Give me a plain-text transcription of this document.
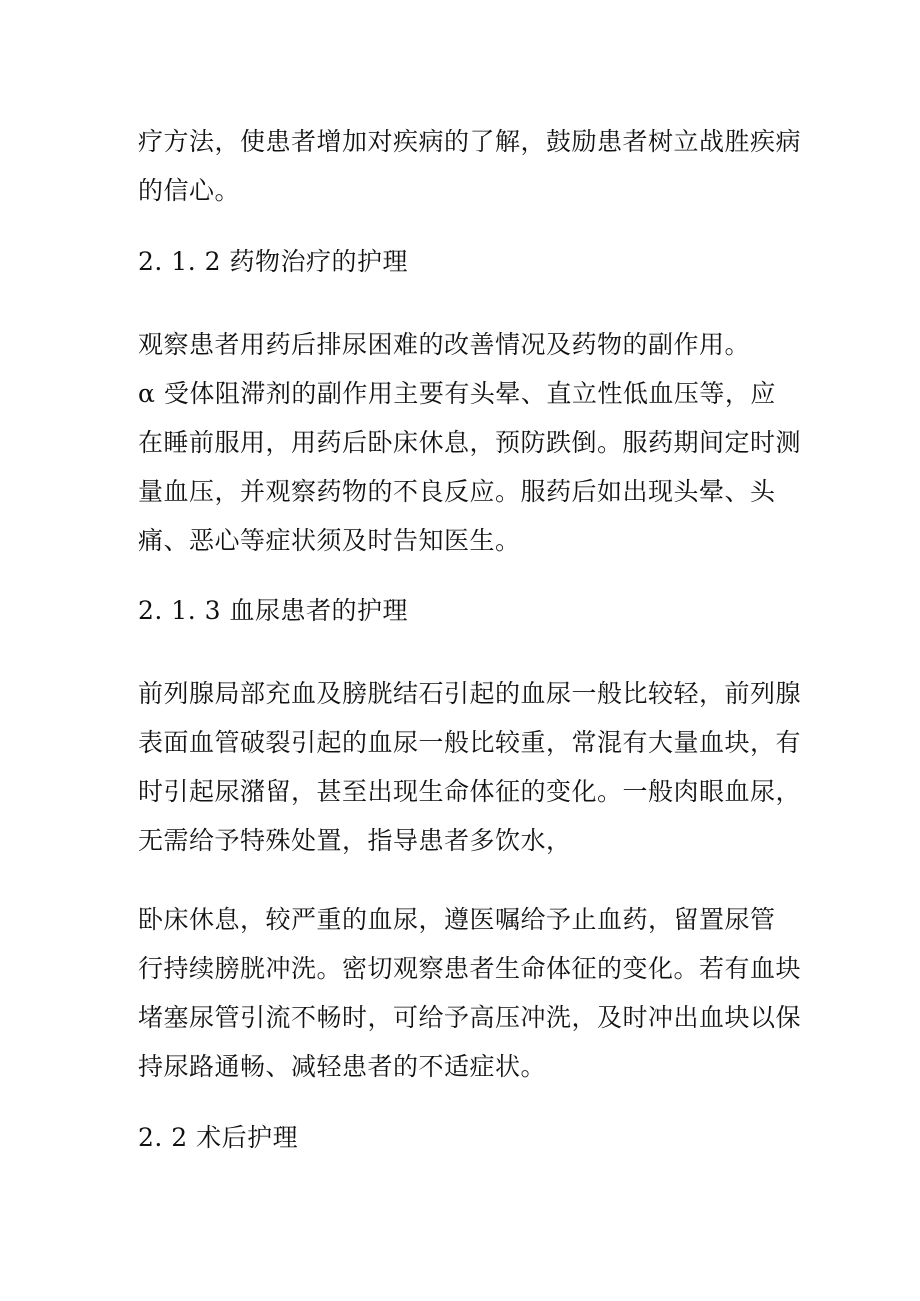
疗方法，使患者增加对疾病的了解，鼓励患者树立战胜疾病

的信心。

2. 1. 2 药物治疗的护理

观察患者用药后排尿困难的改善情况及药物的副作用。

α 受体阻滞剂的副作用主要有头晕、直立性低血压等，应

在睡前服用，用药后卧床休息，预防跌倒。服药期间定时测

量血压，并观察药物的不良反应。服药后如出现头晕、头

痛、恶心等症状须及时告知医生。

2. 1. 3 血尿患者的护理

前列腺局部充血及膀胱结石引起的血尿一般比较轻，前列腺

表面血管破裂引起的血尿一般比较重，常混有大量血块，有

时引起尿潴留，甚至出现生命体征的变化。一般肉眼血尿，

无需给予特殊处置，指导患者多饮水，

卧床休息，较严重的血尿，遵医嘱给予止血药，留置尿管

行持续膀胱冲洗。密切观察患者生命体征的变化。若有血块

堵塞尿管引流不畅时，可给予高压冲洗，及时冲出血块以保

持尿路通畅、减轻患者的不适症状。

2. 2 术后护理
